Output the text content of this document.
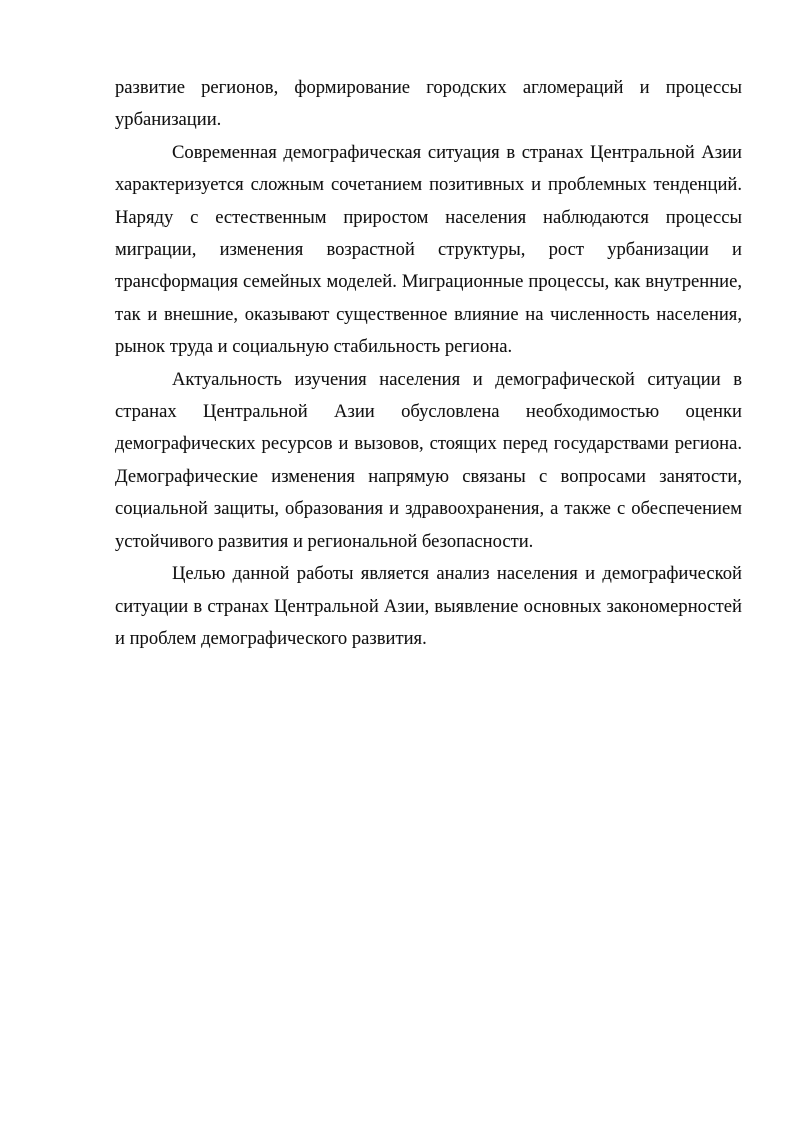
развитие регионов, формирование городских агломераций и процессы урбанизации.

Современная демографическая ситуация в странах Центральной Азии характеризуется сложным сочетанием позитивных и проблемных тенденций. Наряду с естественным приростом населения наблюдаются процессы миграции, изменения возрастной структуры, рост урбанизации и трансформация семейных моделей. Миграционные процессы, как внутренние, так и внешние, оказывают существенное влияние на численность населения, рынок труда и социальную стабильность региона.

Актуальность изучения населения и демографической ситуации в странах Центральной Азии обусловлена необходимостью оценки демографических ресурсов и вызовов, стоящих перед государствами региона. Демографические изменения напрямую связаны с вопросами занятости, социальной защиты, образования и здравоохранения, а также с обеспечением устойчивого развития и региональной безопасности.

Целью данной работы является анализ населения и демографической ситуации в странах Центральной Азии, выявление основных закономерностей и проблем демографического развития.
